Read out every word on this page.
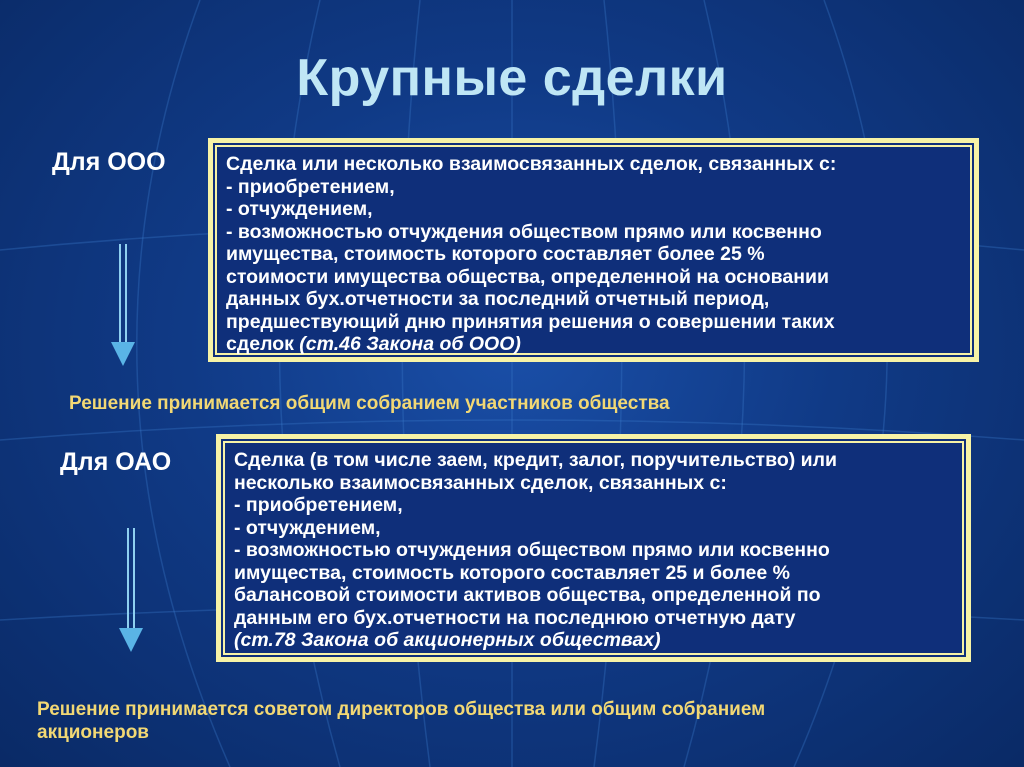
Крупные сделки
Для ООО	Сделка или несколько взаимосвязанных сделок, связанных с:
- приобретением,
- отчуждением,
- возможностью отчуждения обществом прямо или косвенно
имущества, стоимость которого составляет более 25 %
стоимости имущества общества, определенной на основании
данных бух.отчетности за последний отчетный период,
предшествующий дню принятия решения о совершении таких
сделок (ст.46 Закона об ООО)
Решение принимается общим собранием участников общества
Для ОАО	Сделка (в том числе заем, кредит, залог, поручительство) или
несколько взаимосвязанных сделок, связанных с:
- приобретением,
- отчуждением,
- возможностью отчуждения обществом прямо или косвенно
имущества, стоимость которого составляет 25 и более %
балансовой стоимости активов общества, определенной по
данным его бух.отчетности на последнюю отчетную дату
(ст.78 Закона об акционерных обществах)
Решение принимается советом директоров общества или общим собранием
акционеров
